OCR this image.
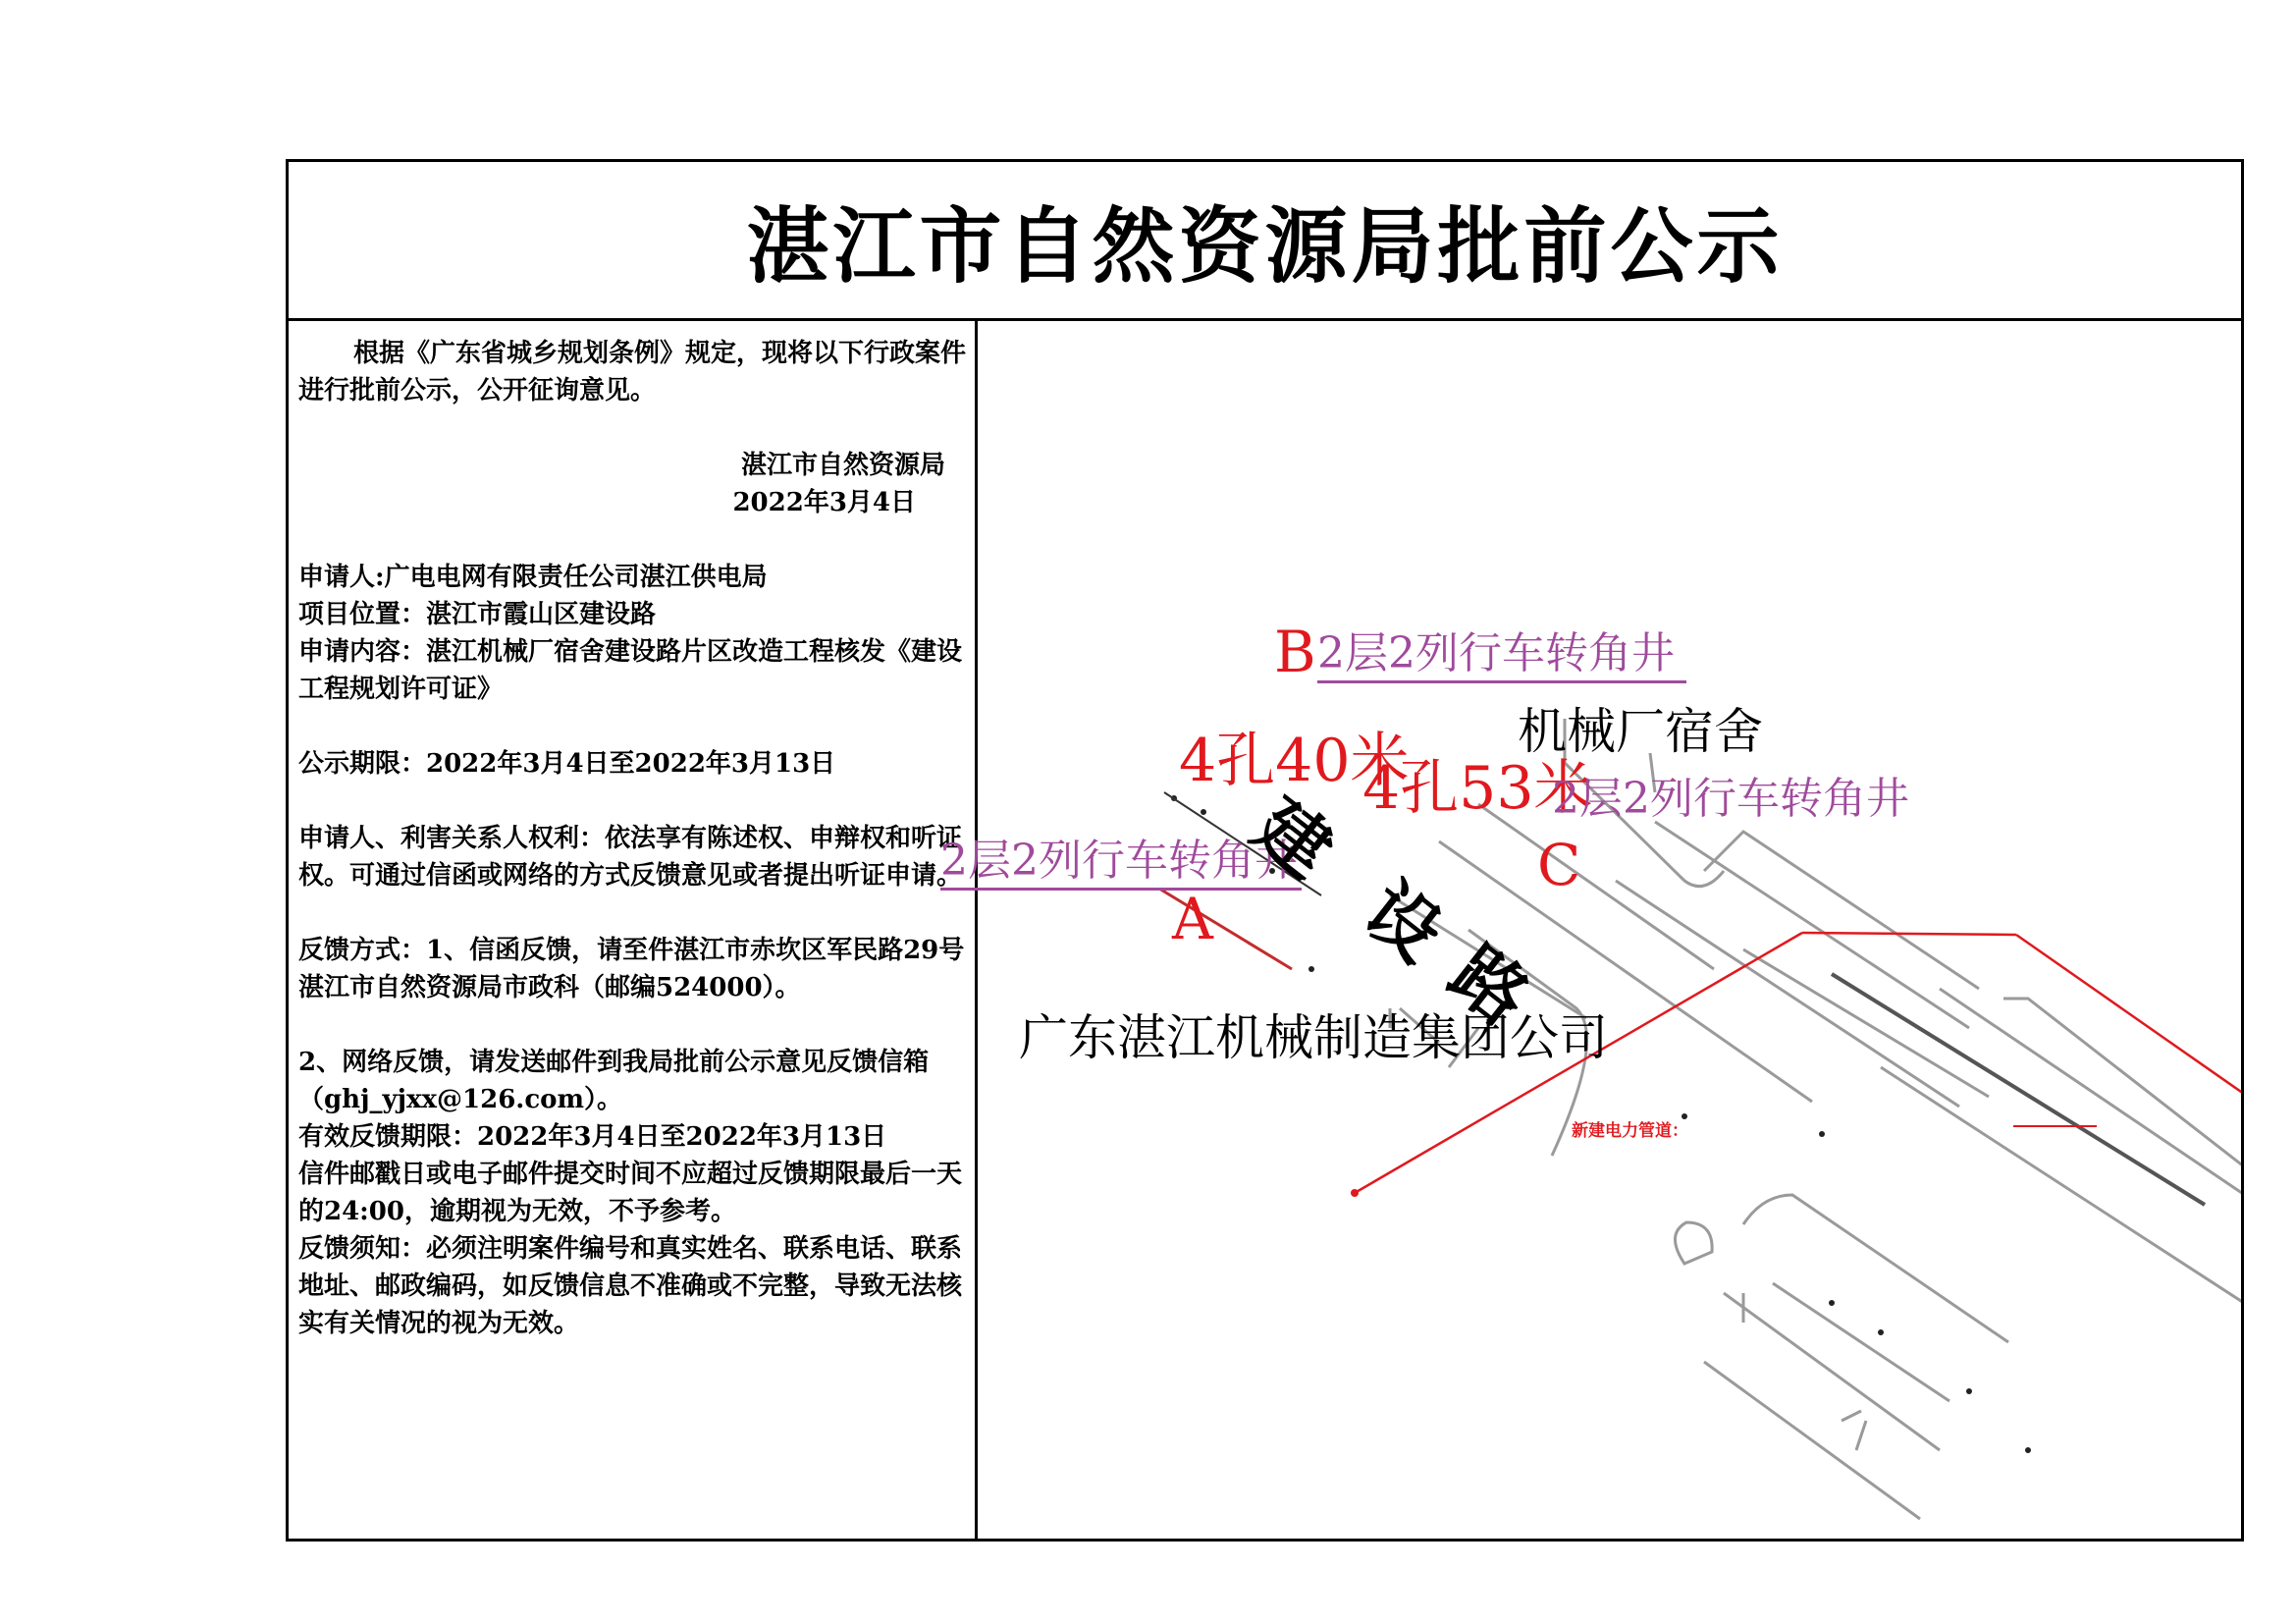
湛江市自然资源局批前公示

根据《广东省城乡规划条例》规定，现将以下行政案件进行批前公示，公开征询意见。

湛江市自然资源局

2022年3月4日

申请人:广电电网有限责任公司湛江供电局

项目位置：湛江市霞山区建设路

申请内容：湛江机械厂宿舍建设路片区改造工程核发《建设工程规划许可证》

公示期限：2022年3月4日至2022年3月13日

申请人、利害关系人权利：依法享有陈述权、申辩权和听证权。可通过信函或网络的方式反馈意见或者提出听证申请。

反馈方式：1、信函反馈，请至件湛江市赤坎区军民路29号湛江市自然资源局市政科（邮编524000）。

2、网络反馈，请发送邮件到我局批前公示意见反馈信箱（ghj_yjxx@126.com）。

有效反馈期限：2022年3月4日至2022年3月13日

信件邮戳日或电子邮件提交时间不应超过反馈期限最后一天的24:00，逾期视为无效，不予参考。

反馈须知：必须注明案件编号和真实姓名、联系电话、联系地址、邮政编码，如反馈信息不准确或不完整，导致无法核实有关情况的视为无效。

B 2层2列行车转角井
4孔40米
4孔53米
机械厂宿舍
2层2列行车转角井
2层2列行车转角井	C
A
建
设
路
广东湛江机械制造集团公司
新建电力管道：
